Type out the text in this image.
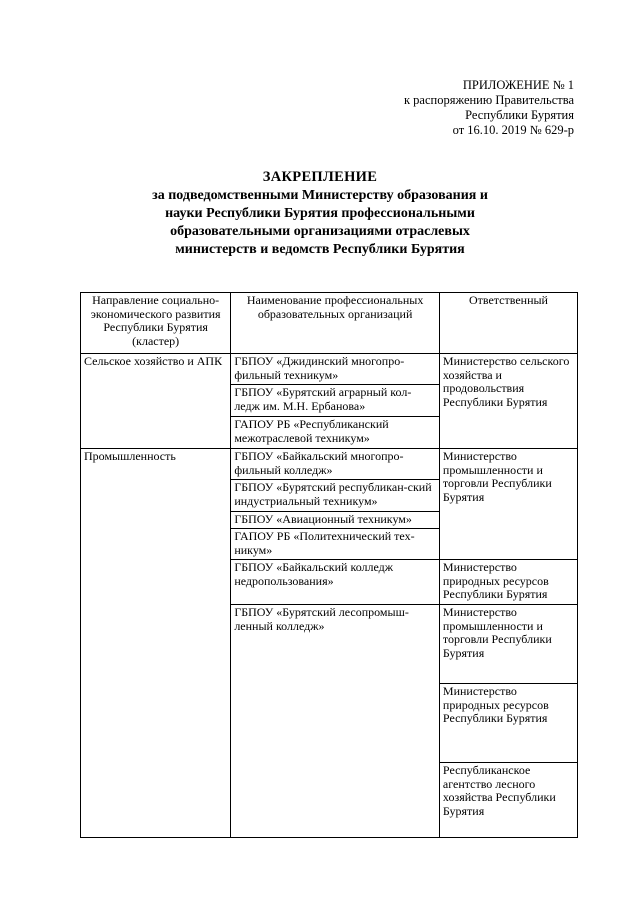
ПРИЛОЖЕНИЕ № 1
к распоряжению Правительства
Республики Бурятия
от 16.10. 2019 № 629-р
ЗАКРЕПЛЕНИЕ
за подведомственными Министерству образования и
науки Республики Бурятия профессиональными
образовательными организациями отраслевых
министерств и ведомств Республики Бурятия
Направление социально-экономического развития Республики Бурятия (кластер)	Наименование профессиональных образовательных организаций	Ответственный
Сельское хозяйство и АПК	ГБПОУ «Джидинский многопро-фильный техникум»	Министерство сельского хозяйства и продовольствия Республики Бурятия
	ГБПОУ «Бурятский аграрный кол-ледж им. М.Н. Ербанова»	
	ГАПОУ РБ «Республиканский межотраслевой техникум»	
Промышленность	ГБПОУ «Байкальский многопро-фильный колледж»	Министерство промышленности и торговли Республики Бурятия
	ГБПОУ «Бурятский республикан-ский индустриальный техникум»	
	ГБПОУ «Авиационный техникум»	
	ГАПОУ РБ «Политехнический тех-никум»	
	ГБПОУ «Байкальский колледж недропользования»	Министерство природных ресурсов Республики Бурятия
	ГБПОУ «Бурятский лесопромыш-ленный колледж»	Министерство промышленности и торговли Республики Бурятия
		Министерство природных ресурсов Республики Бурятия
		Республиканское агентство лесного хозяйства Республики Бурятия
